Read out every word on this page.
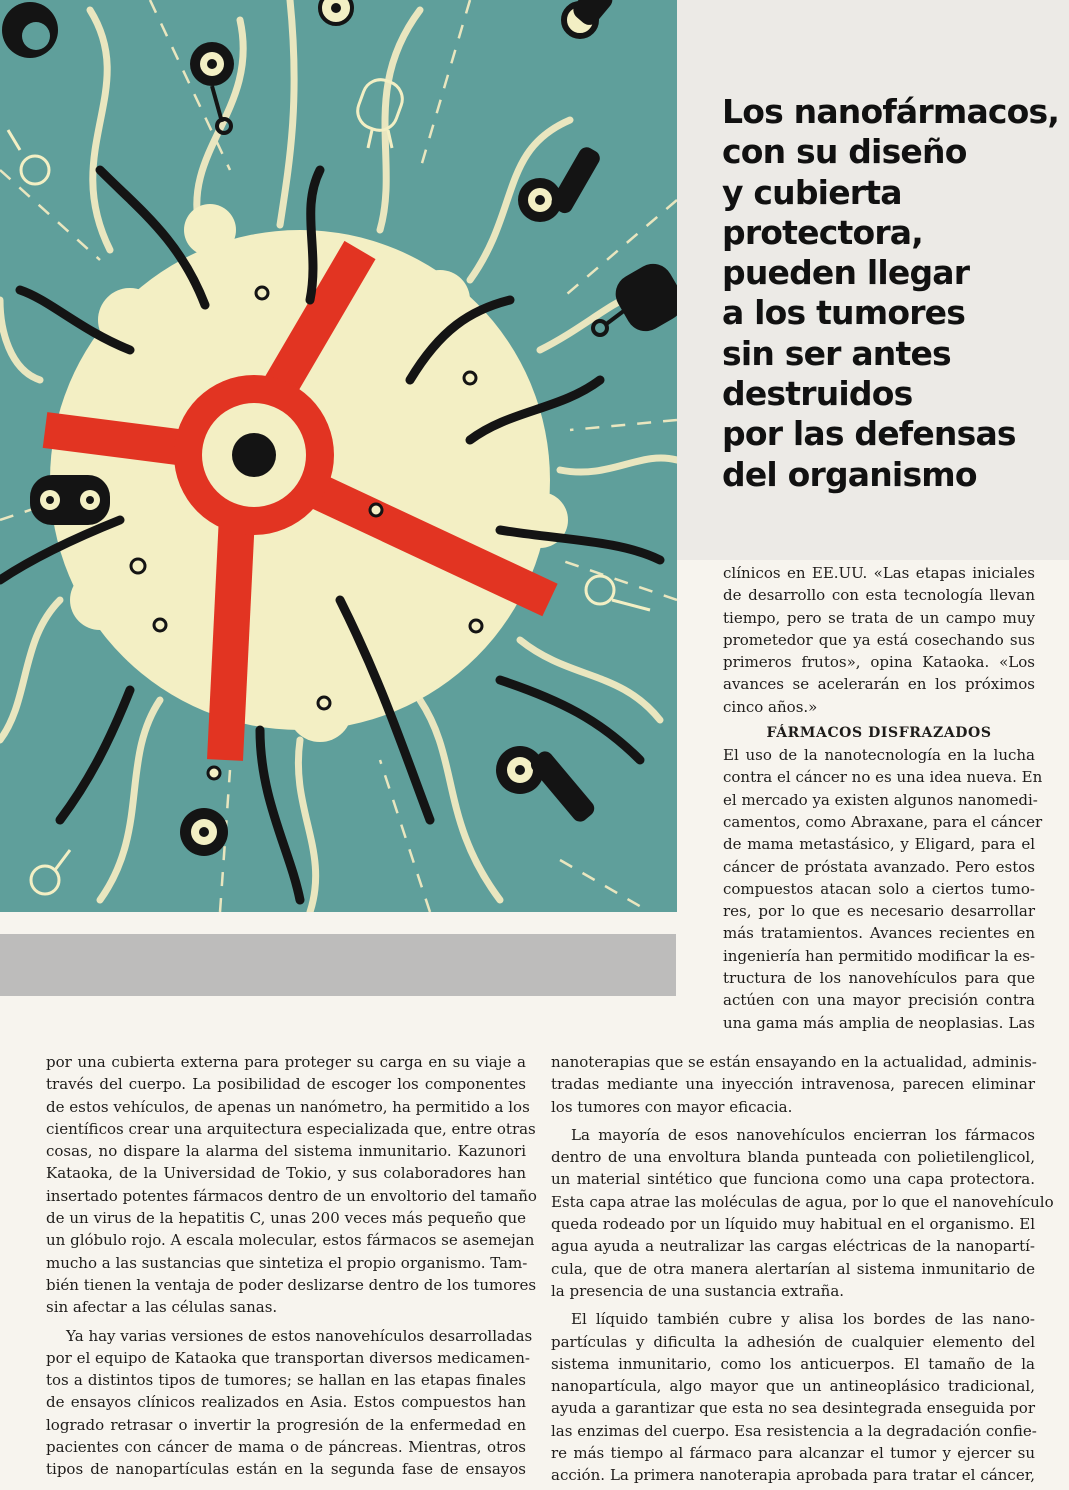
Los nanofármacos,
con su diseño
y cubierta
protectora,
pueden llegar
a los tumores
sin ser antes
destruidos
por las defensas
del organismo

clínicos en EE.UU. «Las etapas iniciales
de desarrollo con esta tecnología llevan
tiempo, pero se trata de un campo muy
prometedor que ya está cosechando sus
primeros frutos», opina Kataoka. «Los
avances se acelerarán en los próximos
cinco años.»

FÁRMACOS DISFRAZADOS

El uso de la nanotecnología en la lucha
contra el cáncer no es una idea nueva. En
el mercado ya existen algunos nanomedi-
camentos, como Abraxane, para el cáncer
de mama metastásico, y Eligard, para el
cáncer de próstata avanzado. Pero estos
compuestos atacan solo a ciertos tumo-
res, por lo que es necesario desarrollar
más tratamientos. Avances recientes en
ingeniería han permitido modificar la es-
tructura de los nanovehículos para que
actúen con una mayor precisión contra
una gama más amplia de neoplasias. Las

nanoterapias que se están ensayando en la actualidad, adminis-
tradas mediante una inyección intravenosa, parecen eliminar
los tumores con mayor eficacia.

La mayoría de esos nanovehículos encierran los fármacos
dentro de una envoltura blanda punteada con polietilenglicol,
un material sintético que funciona como una capa protectora.
Esta capa atrae las moléculas de agua, por lo que el nanovehículo
queda rodeado por un líquido muy habitual en el organismo. El
agua ayuda a neutralizar las cargas eléctricas de la nanopartí-
cula, que de otra manera alertarían al sistema inmunitario de
la presencia de una sustancia extraña.

El líquido también cubre y alisa los bordes de las nano-
partículas y dificulta la adhesión de cualquier elemento del
sistema inmunitario, como los anticuerpos. El tamaño de la
nanopartícula, algo mayor que un antineoplásico tradicional,
ayuda a garantizar que esta no sea desintegrada enseguida por
las enzimas del cuerpo. Esa resistencia a la degradación confie-
re más tiempo al fármaco para alcanzar el tumor y ejercer su
acción. La primera nanoterapia aprobada para tratar el cáncer,

por una cubierta externa para proteger su carga en su viaje a
través del cuerpo. La posibilidad de escoger los componentes
de estos vehículos, de apenas un nanómetro, ha permitido a los
científicos crear una arquitectura especializada que, entre otras
cosas, no dispare la alarma del sistema inmunitario. Kazunori
Kataoka, de la Universidad de Tokio, y sus colaboradores han
insertado potentes fármacos dentro de un envoltorio del tamaño
de un virus de la hepatitis C, unas 200 veces más pequeño que
un glóbulo rojo. A escala molecular, estos fármacos se asemejan
mucho a las sustancias que sintetiza el propio organismo. Tam-
bién tienen la ventaja de poder deslizarse dentro de los tumores
sin afectar a las células sanas.

Ya hay varias versiones de estos nanovehículos desarrolladas
por el equipo de Kataoka que transportan diversos medicamen-
tos a distintos tipos de tumores; se hallan en las etapas finales
de ensayos clínicos realizados en Asia. Estos compuestos han
logrado retrasar o invertir la progresión de la enfermedad en
pacientes con cáncer de mama o de páncreas. Mientras, otros
tipos de nanopartículas están en la segunda fase de ensayos
